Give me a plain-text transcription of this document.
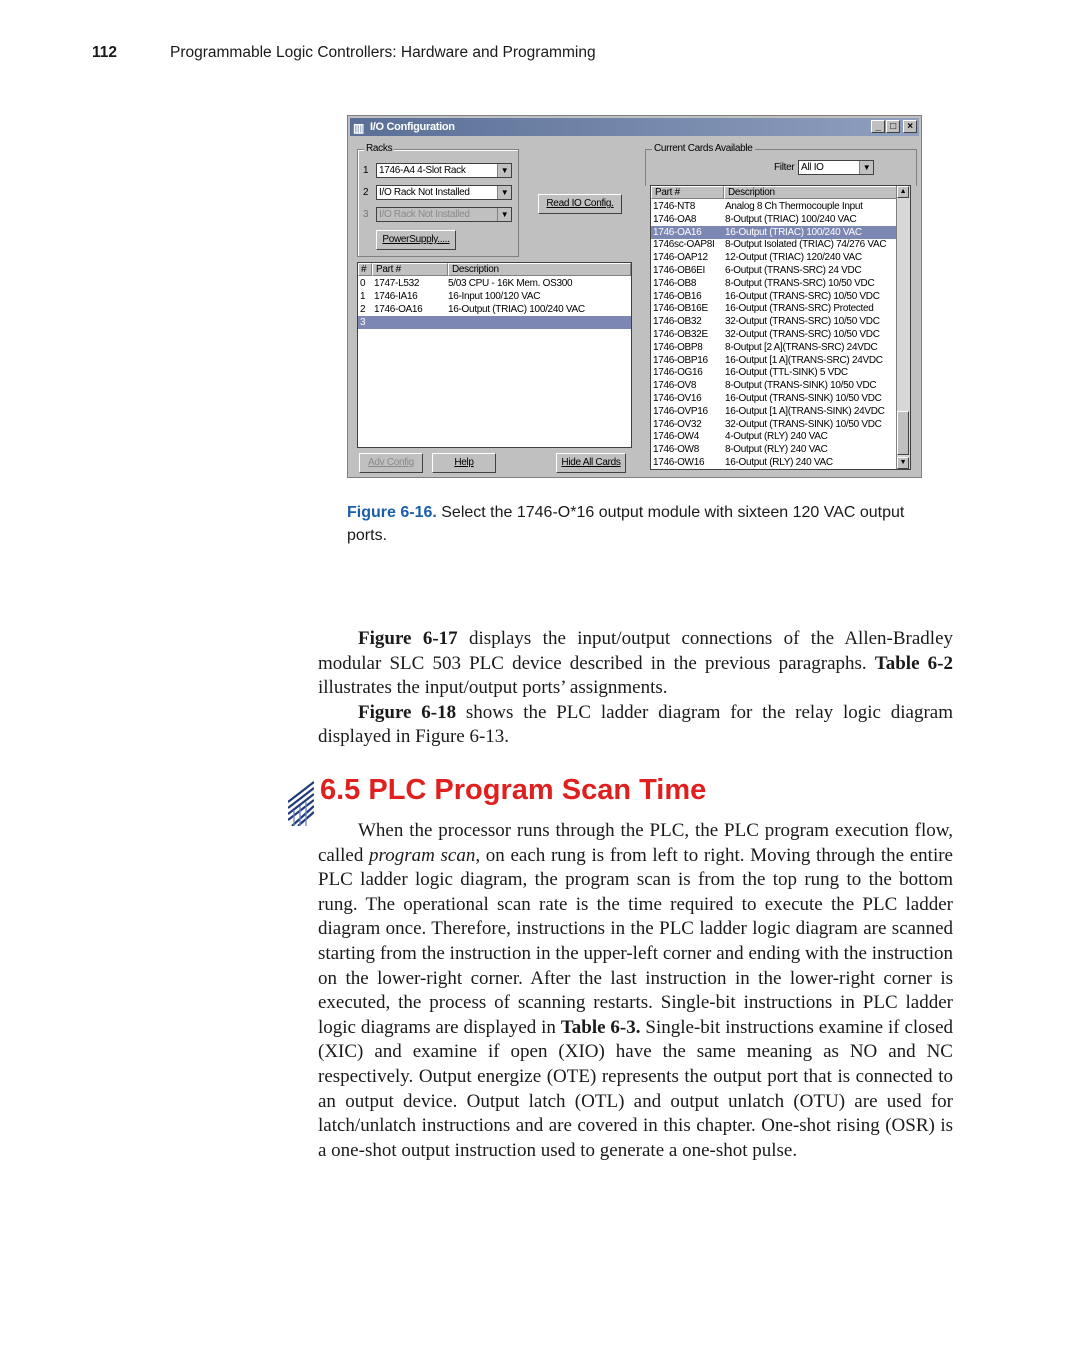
112	Programmable Logic Controllers: Hardware and Programming
▥ I/O Configuration	_ □	×
Racks
1	1746-A4 4-Slot Rack	▼
2	I/O Rack Not Installed	▼
3	I/O Rack Not Installed	▼
PowerSupply.....
Read IO Config.
# Part #	Description
0 1747-L532	5/03 CPU - 16K Mem. OS300
1 1746-IA16	16-Input 100/120 VAC
2 1746-OA16	16-Output (TRIAC) 100/240 VAC
3
Adv Config	Help	Hide All Cards
Current Cards Available
Filter All IO	▼
Part #	Description
1746-NT8	Analog 8 Ch Thermocouple Input
1746-OA8	8-Output (TRIAC) 100/240 VAC
1746-OA16 16-Output (TRIAC) 100/240 VAC
1746sc-OAP8I 8-Output Isolated (TRIAC) 74/276 VAC
1746-OAP12 12-Output (TRIAC) 120/240 VAC
1746-OB6EI 6-Output (TRANS-SRC) 24 VDC
1746-OB8	8-Output (TRANS-SRC) 10/50 VDC
1746-OB16 16-Output (TRANS-SRC) 10/50 VDC
1746-OB16E 16-Output (TRANS-SRC) Protected
1746-OB32 32-Output (TRANS-SRC) 10/50 VDC
1746-OB32E 32-Output (TRANS-SRC) 10/50 VDC
1746-OBP8 8-Output [2 A](TRANS-SRC) 24VDC
1746-OBP16 16-Output [1 A](TRANS-SRC) 24VDC
1746-OG16 16-Output (TTL-SINK) 5 VDC
1746-OV8	8-Output (TRANS-SINK) 10/50 VDC
1746-OV16 16-Output (TRANS-SINK) 10/50 VDC
1746-OVP16 16-Output [1 A](TRANS-SINK) 24VDC
1746-OV32 32-Output (TRANS-SINK) 10/50 VDC
1746-OW4	4-Output (RLY) 240 VAC
1746-OW8	8-Output (RLY) 240 VAC
1746-OW16 16-Output (RLY) 240 VAC
▲
▼
Figure 6-16. Select the 1746-O*16 output module with sixteen 120 VAC output ports.

Figure 6-17 displays the input/output connections of the Allen-Bradley modular SLC 503 PLC device described in the previous paragraphs. Table 6-2 illustrates the input/output ports’ assignments.

Figure 6-18 shows the PLC ladder diagram for the relay logic diagram displayed in Figure 6-13.

6.5 PLC Program Scan Time

When the processor runs through the PLC, the PLC program execution flow, called program scan, on each rung is from left to right. Moving through the entire PLC ladder logic diagram, the program scan is from the top rung to the bottom rung. The operational scan rate is the time required to execute the PLC ladder diagram once. Therefore, instructions in the PLC ladder logic diagram are scanned starting from the instruction in the upper-left corner and ending with the instruction on the lower-right corner. After the last instruction in the lower-right corner is executed, the process of scanning restarts. Single-bit instructions in PLC ladder logic diagrams are displayed in Table 6-3. Single-bit instructions examine if closed (XIC) and examine if open (XIO) have the same meaning as NO and NC respectively. Output energize (OTE) represents the output port that is connected to an output device. Output latch (OTL) and output unlatch (OTU) are used for latch/unlatch instructions and are covered in this chapter. One-shot rising (OSR) is a one-shot output instruction used to generate a one-shot pulse.
